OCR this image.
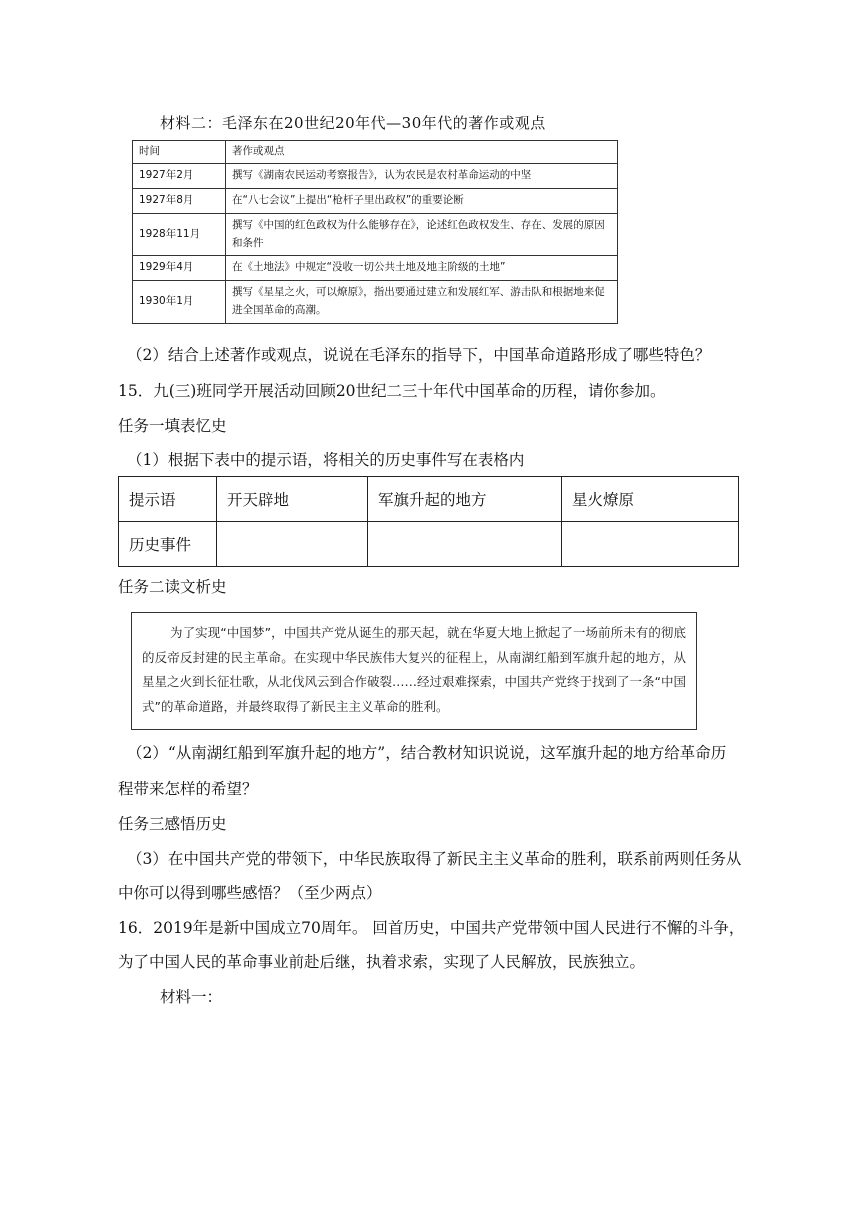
材料二：毛泽东在20世纪20年代—30年代的著作或观点
时间	著作或观点
1927年2月	撰写《湖南农民运动考察报告》，认为农民是农村革命运动的中坚
1927年8月	在“八七会议”上提出“枪杆子里出政权”的重要论断
1928年11月	撰写《中国的红色政权为什么能够存在》，论述红色政权发生、存在、发展的原因和条件
1929年4月	在《土地法》中规定“没收一切公共土地及地主阶级的土地”
1930年1月	撰写《星星之火，可以燎原》，指出要通过建立和发展红军、游击队和根据地来促进全国革命的高潮。
（2）结合上述著作或观点，说说在毛泽东的指导下，中国革命道路形成了哪些特色？
15．九(三)班同学开展活动回顾20世纪二三十年代中国革命的历程，请你参加。
任务一填表忆史
（1）根据下表中的提示语，将相关的历史事件写在表格内
提示语	开天辟地	军旗升起的地方	星火燎原
历史事件			
任务二读文析史
为了实现“中国梦”，中国共产党从诞生的那天起，就在华夏大地上掀起了一场前所未有的彻底的反帝反封建的民主革命。在实现中华民族伟大复兴的征程上，从南湖红船到军旗升起的地方，从星星之火到长征壮歌，从北伐风云到合作破裂……经过艰难探索，中国共产党终于找到了一条“中国式”的革命道路，并最终取得了新民主主义革命的胜利。
（2）“从南湖红船到军旗升起的地方”，结合教材知识说说，这军旗升起的地方给革命历
程带来怎样的希望？
任务三感悟历史
（3）在中国共产党的带领下，中华民族取得了新民主主义革命的胜利，联系前两则任务从
中你可以得到哪些感悟？（至少两点）
16．2019年是新中国成立70周年。 回首历史，中国共产党带领中国人民进行不懈的斗争，
为了中国人民的革命事业前赴后继，执着求索，实现了人民解放，民族独立。
材料一：
